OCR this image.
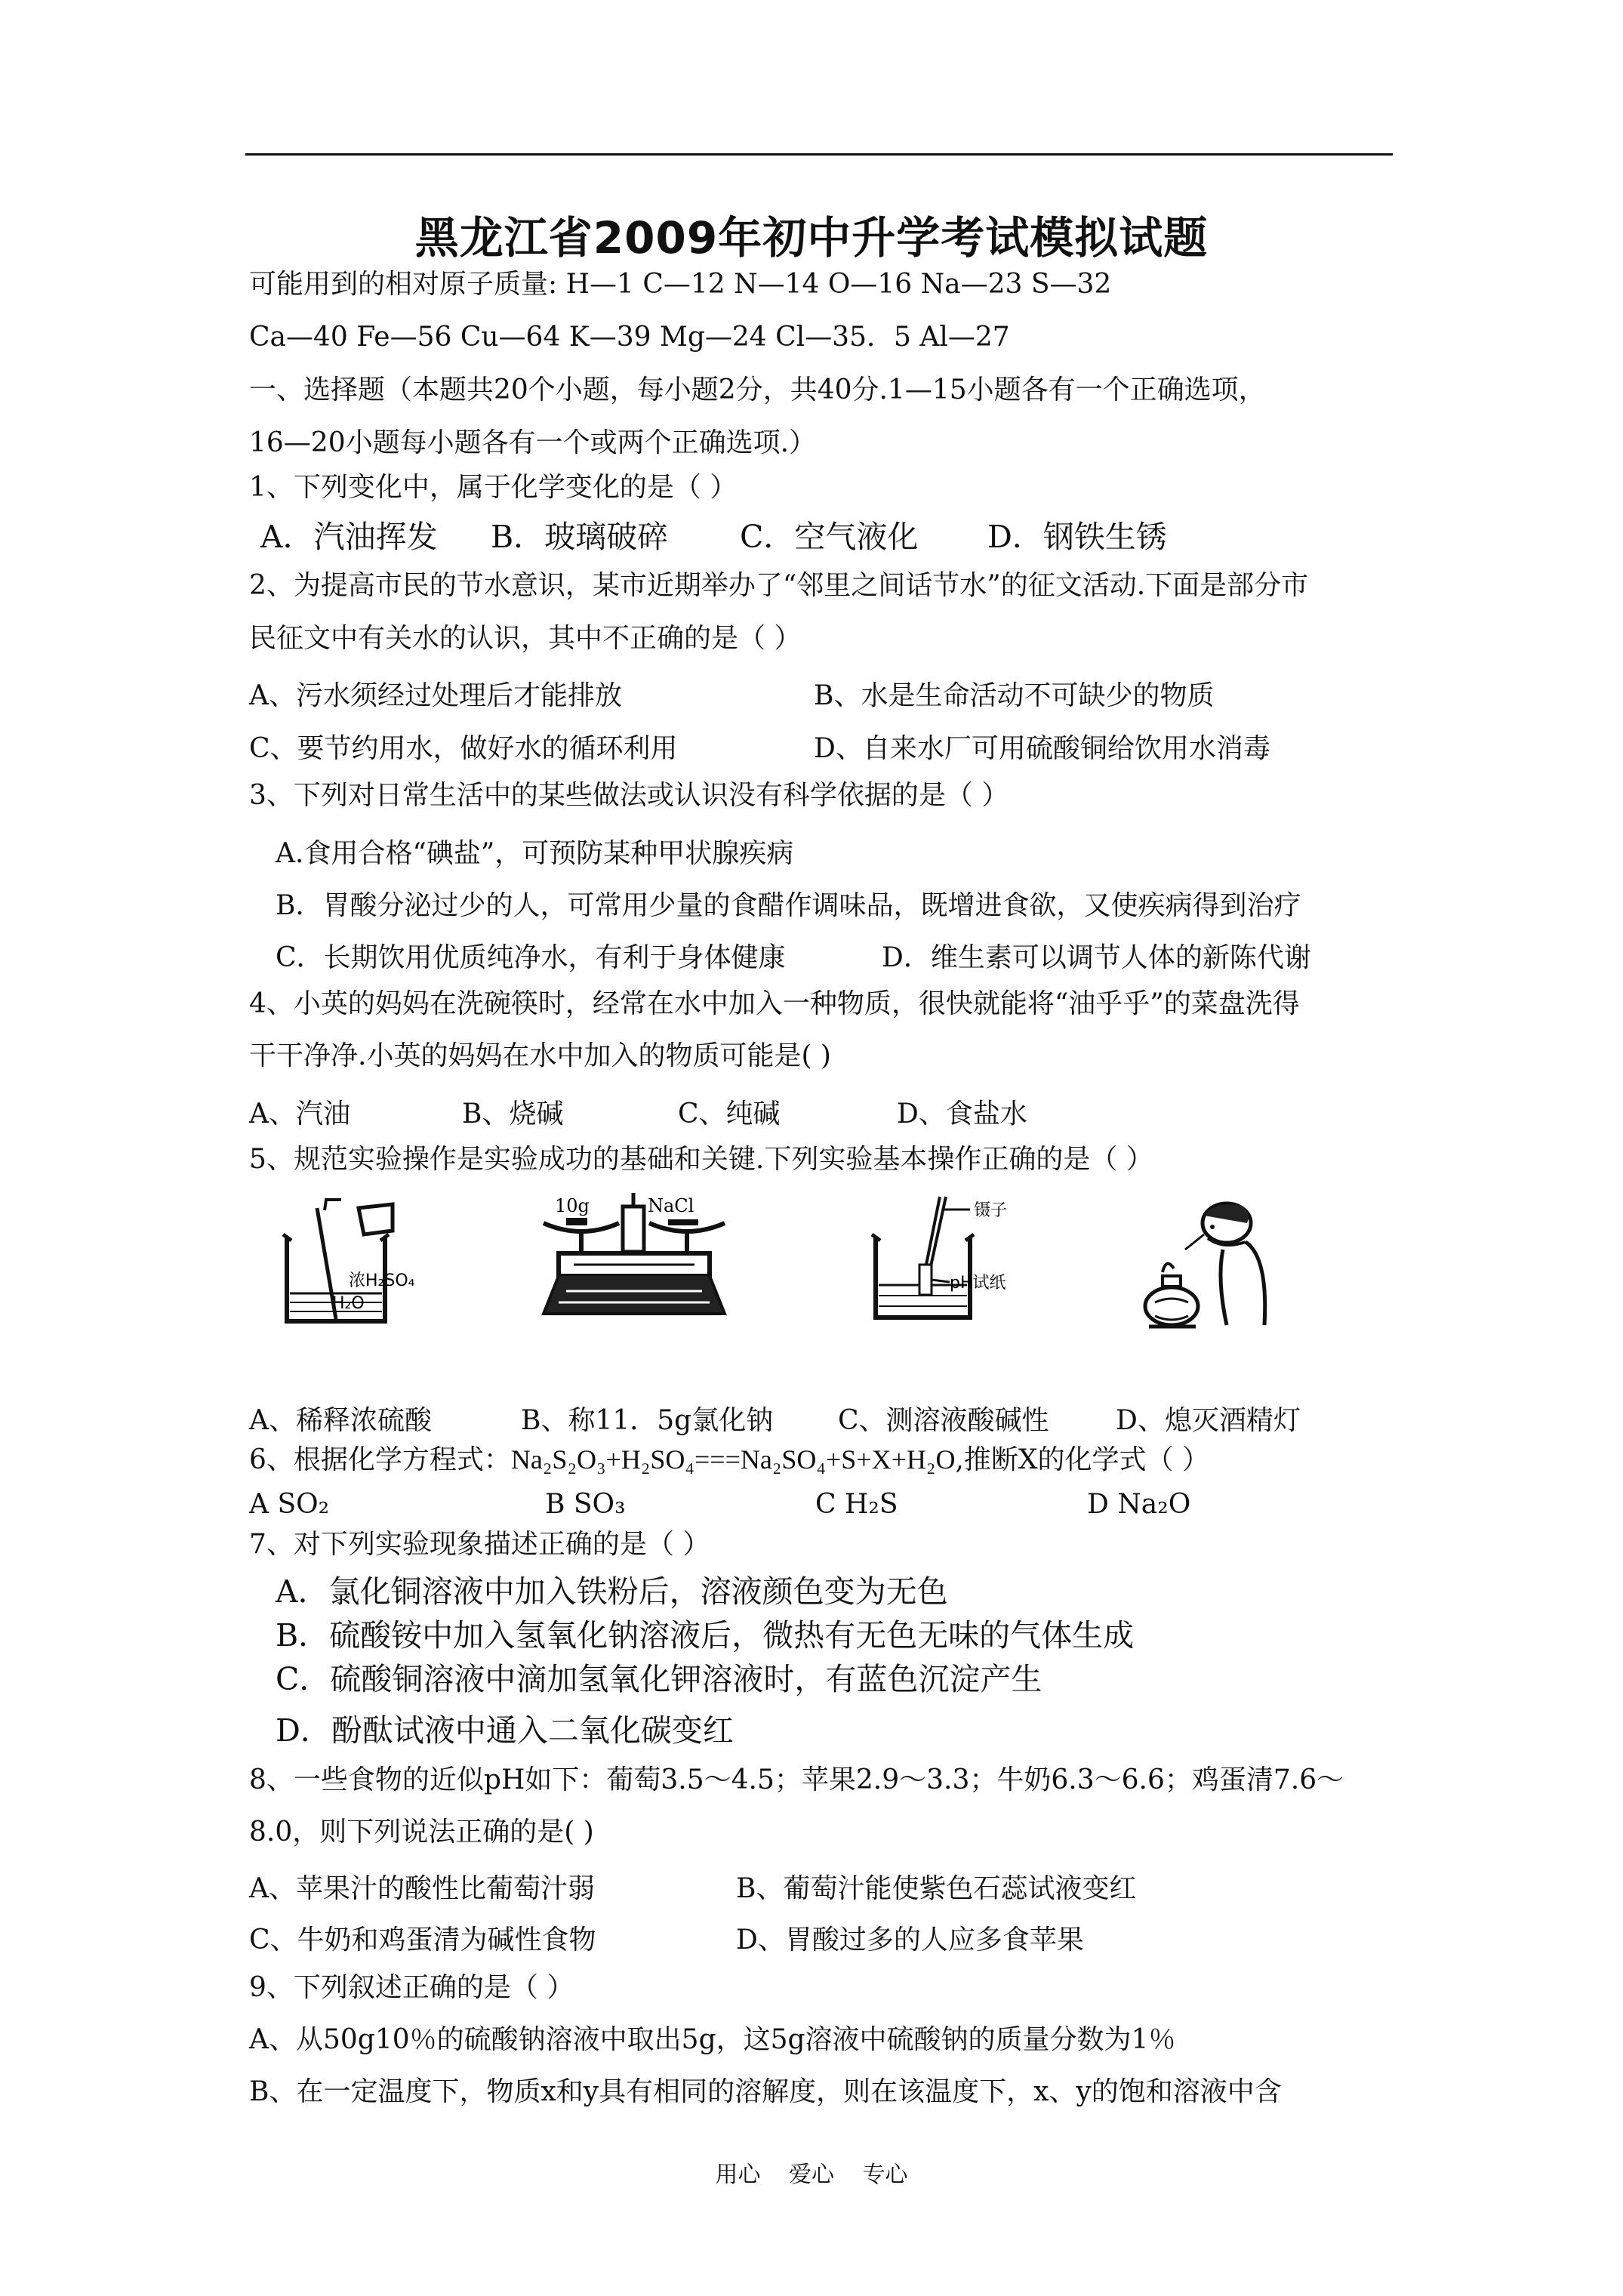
黑龙江省2009年初中升学考试模拟试题
可能用到的相对原子质量: H—1 C—12 N—14 O—16 Na—23 S—32
Ca—40 Fe—56 Cu—64 K—39 Mg—24 Cl—35．5 Al—27
一、选择题（本题共20个小题，每小题2分，共40分.1—15小题各有一个正确选项，
16—20小题每小题各有一个或两个正确选项.）
1、下列变化中，属于化学变化的是（ ）
A．汽油挥发 B．玻璃破碎 C．空气液化 D．钢铁生锈
2、为提高市民的节水意识，某市近期举办了“邻里之间话节水”的征文活动.下面是部分市
民征文中有关水的认识，其中不正确的是（ ）
A、污水须经过处理后才能排放	B、水是生命活动不可缺少的物质
C、要节约用水，做好水的循环利用	D、自来水厂可用硫酸铜给饮用水消毒
3、下列对日常生活中的某些做法或认识没有科学依据的是（ ）
A.食用合格“碘盐”，可预防某种甲状腺疾病
B．胃酸分泌过少的人，可常用少量的食醋作调味品，既增进食欲，又使疾病得到治疗
C．长期饮用优质纯净水，有利于身体健康	D．维生素可以调节人体的新陈代谢
4、小英的妈妈在洗碗筷时，经常在水中加入一种物质，很快就能将“油乎乎”的菜盘洗得
干干净净.小英的妈妈在水中加入的物质可能是( )
A、汽油	B、烧碱	C、纯碱	D、食盐水
5、规范实验操作是实验成功的基础和关键.下列实验基本操作正确的是（ ）
浓H₂SO₄
H₂O
10g	NaCl	镊子
pH试纸
A、稀释浓硫酸	B、称11．5g氯化钠 C、测溶液酸碱性 D、熄灭酒精灯
6、根据化学方程式：Na₂S₂O₃+H₂SO₄===Na₂SO₄+S+X+H₂O,推断X的化学式（ ）
A SO₂	B SO₃	C H₂S	D Na₂O
7、对下列实验现象描述正确的是（ ）
A．氯化铜溶液中加入铁粉后，溶液颜色变为无色
B．硫酸铵中加入氢氧化钠溶液后，微热有无色无味的气体生成
C．硫酸铜溶液中滴加氢氧化钾溶液时，有蓝色沉淀产生
D．酚酞试液中通入二氧化碳变红
8、一些食物的近似pH如下：葡萄3.5～4.5；苹果2.9～3.3；牛奶6.3～6.6；鸡蛋清7.6～
8.0，则下列说法正确的是( )
A、苹果汁的酸性比葡萄汁弱	B、葡萄汁能使紫色石蕊试液变红
C、牛奶和鸡蛋清为碱性食物	D、胃酸过多的人应多食苹果
9、下列叙述正确的是（ ）
A、从50g10％的硫酸钠溶液中取出5g，这5g溶液中硫酸钠的质量分数为1％
B、在一定温度下，物质x和y具有相同的溶解度，则在该温度下，x、y的饱和溶液中含
用心 爱心 专心
